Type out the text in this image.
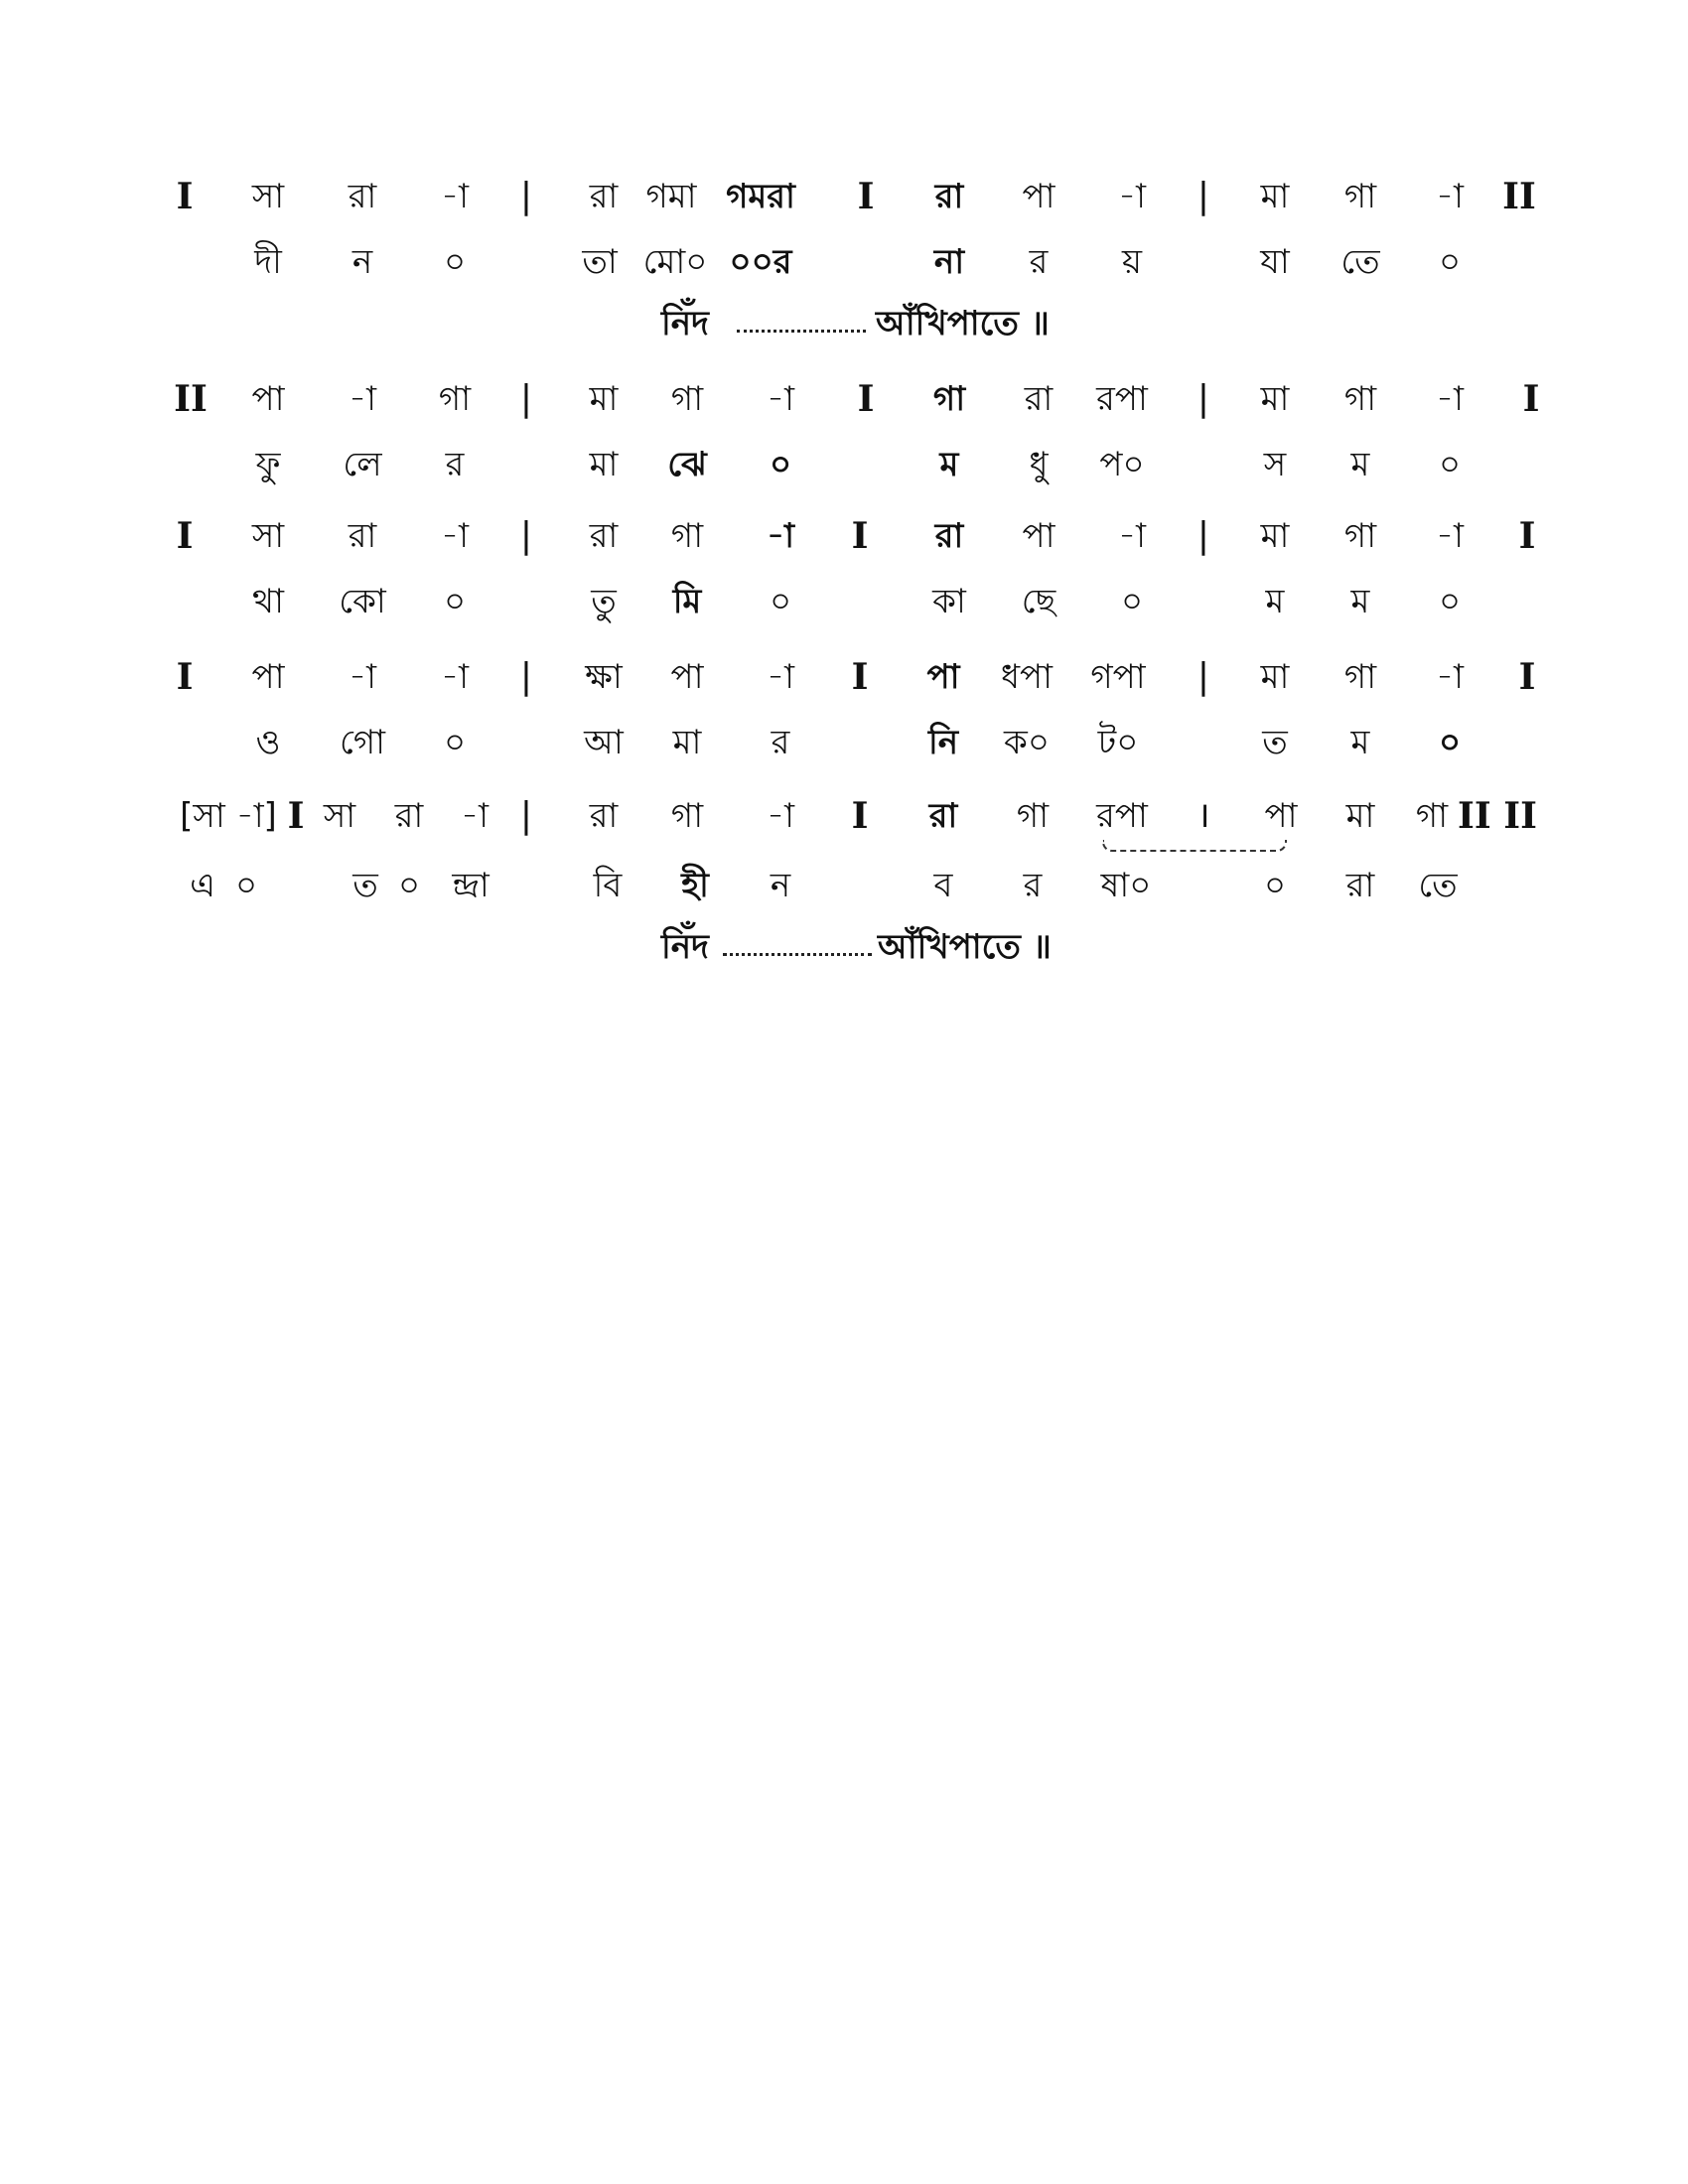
I সা রা -া | রা গমা গমরা I রা পা -া | মা গা -া II
দী ন ০	তা মো০ ০০র	না র য়	যা তে ০
নিঁদ	আঁখিপাতে ॥
II পা -া গা | মা গা -া I গা রা রপা | মা গা -া I
ফু লে র	মা ঝে ০	ম ধু প০	স ম ০
I সা রা -া | রা গা -া I রা পা -া | মা গা -া I
থা কো ০	তু মি ০	কা ছে ০	ম ম ০
I পা -া -া | ক্ষা পা -া I পা ধপা গপা | মা গা -া I
ও গো ০	আ মা র	নি ক০ ট০	ত ম ০
[সা -া] I সা রা -া | রা গা -া I রা গা রপা । পা মা গা II II
এ ০	ত ০ ন্দ্রা	বি হী ন	ব র ষা০	০ রা তে
নিঁদ	আঁখিপাতে ॥
